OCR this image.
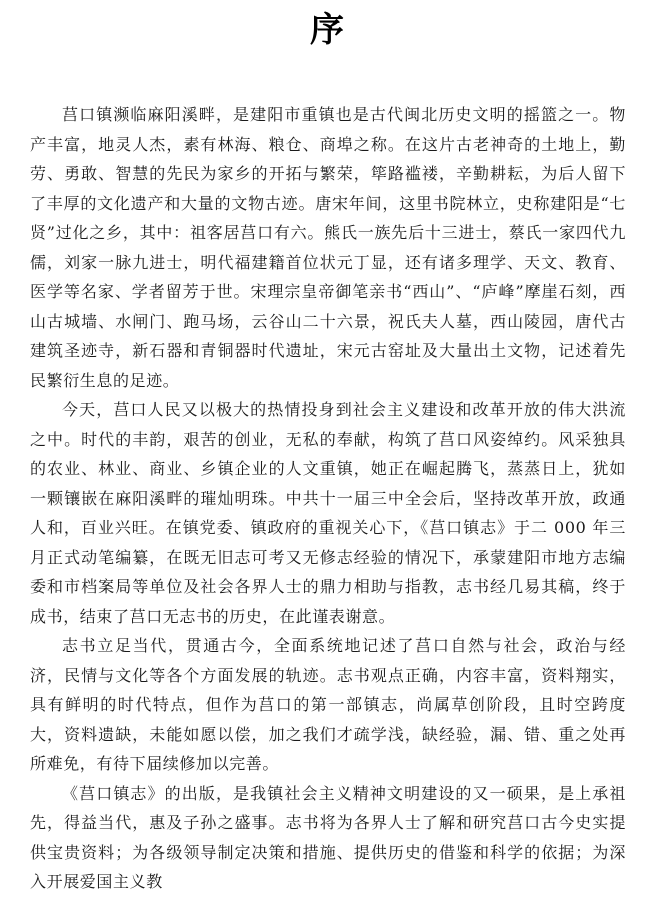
序

莒口镇濒临麻阳溪畔，是建阳市重镇也是古代闽北历史文明的摇篮之一。物产丰富，地灵人杰，素有林海、粮仓、商埠之称。在这片古老神奇的土地上，勤劳、勇敢、智慧的先民为家乡的开拓与繁荣，筚路褴褛，辛勤耕耘，为后人留下了丰厚的文化遗产和大量的文物古迹。唐宋年间，这里书院林立，史称建阳是“七贤”过化之乡，其中：祖客居莒口有六。熊氏一族先后十三进士，蔡氏一家四代九儒，刘家一脉九进士，明代福建籍首位状元丁显，还有诸多理学、天文、教育、医学等名家、学者留芳于世。宋理宗皇帝御笔亲书“西山”、“庐峰”摩崖石刻，西山古城墙、水闸门、跑马场，云谷山二十六景，祝氏夫人墓，西山陵园，唐代古建筑圣迹寺，新石器和青铜器时代遗址，宋元古窑址及大量出土文物，记述着先民繁衍生息的足迹。

今天，莒口人民又以极大的热情投身到社会主义建设和改革开放的伟大洪流之中。时代的丰韵，艰苦的创业，无私的奉献，构筑了莒口风姿绰约。风采独具的农业、林业、商业、乡镇企业的人文重镇，她正在崛起腾飞，蒸蒸日上，犹如一颗镶嵌在麻阳溪畔的璀灿明珠。中共十一届三中全会后，坚持改革开放，政通人和，百业兴旺。在镇党委、镇政府的重视关心下，《莒口镇志》于二 000 年三月正式动笔编纂，在既无旧志可考又无修志经验的情况下，承蒙建阳市地方志编委和市档案局等单位及社会各界人士的鼎力相助与指教，志书经几易其稿，终于成书，结束了莒口无志书的历史，在此谨表谢意。

志书立足当代，贯通古今，全面系统地记述了莒口自然与社会，政治与经济，民情与文化等各个方面发展的轨迹。志书观点正确，内容丰富，资料翔实，具有鲜明的时代特点，但作为莒口的第一部镇志，尚属草创阶段，且时空跨度大，资料遗缺，未能如愿以偿，加之我们才疏学浅，缺经验，漏、错、重之处再所难免，有待下届续修加以完善。

《莒口镇志》的出版，是我镇社会主义精神文明建设的又一硕果，是上承祖先，得益当代，惠及子孙之盛事。志书将为各界人士了解和研究莒口古今史实提供宝贵资料；为各级领导制定决策和措施、提供历史的借鉴和科学的依据；为深入开展爱国主义教
